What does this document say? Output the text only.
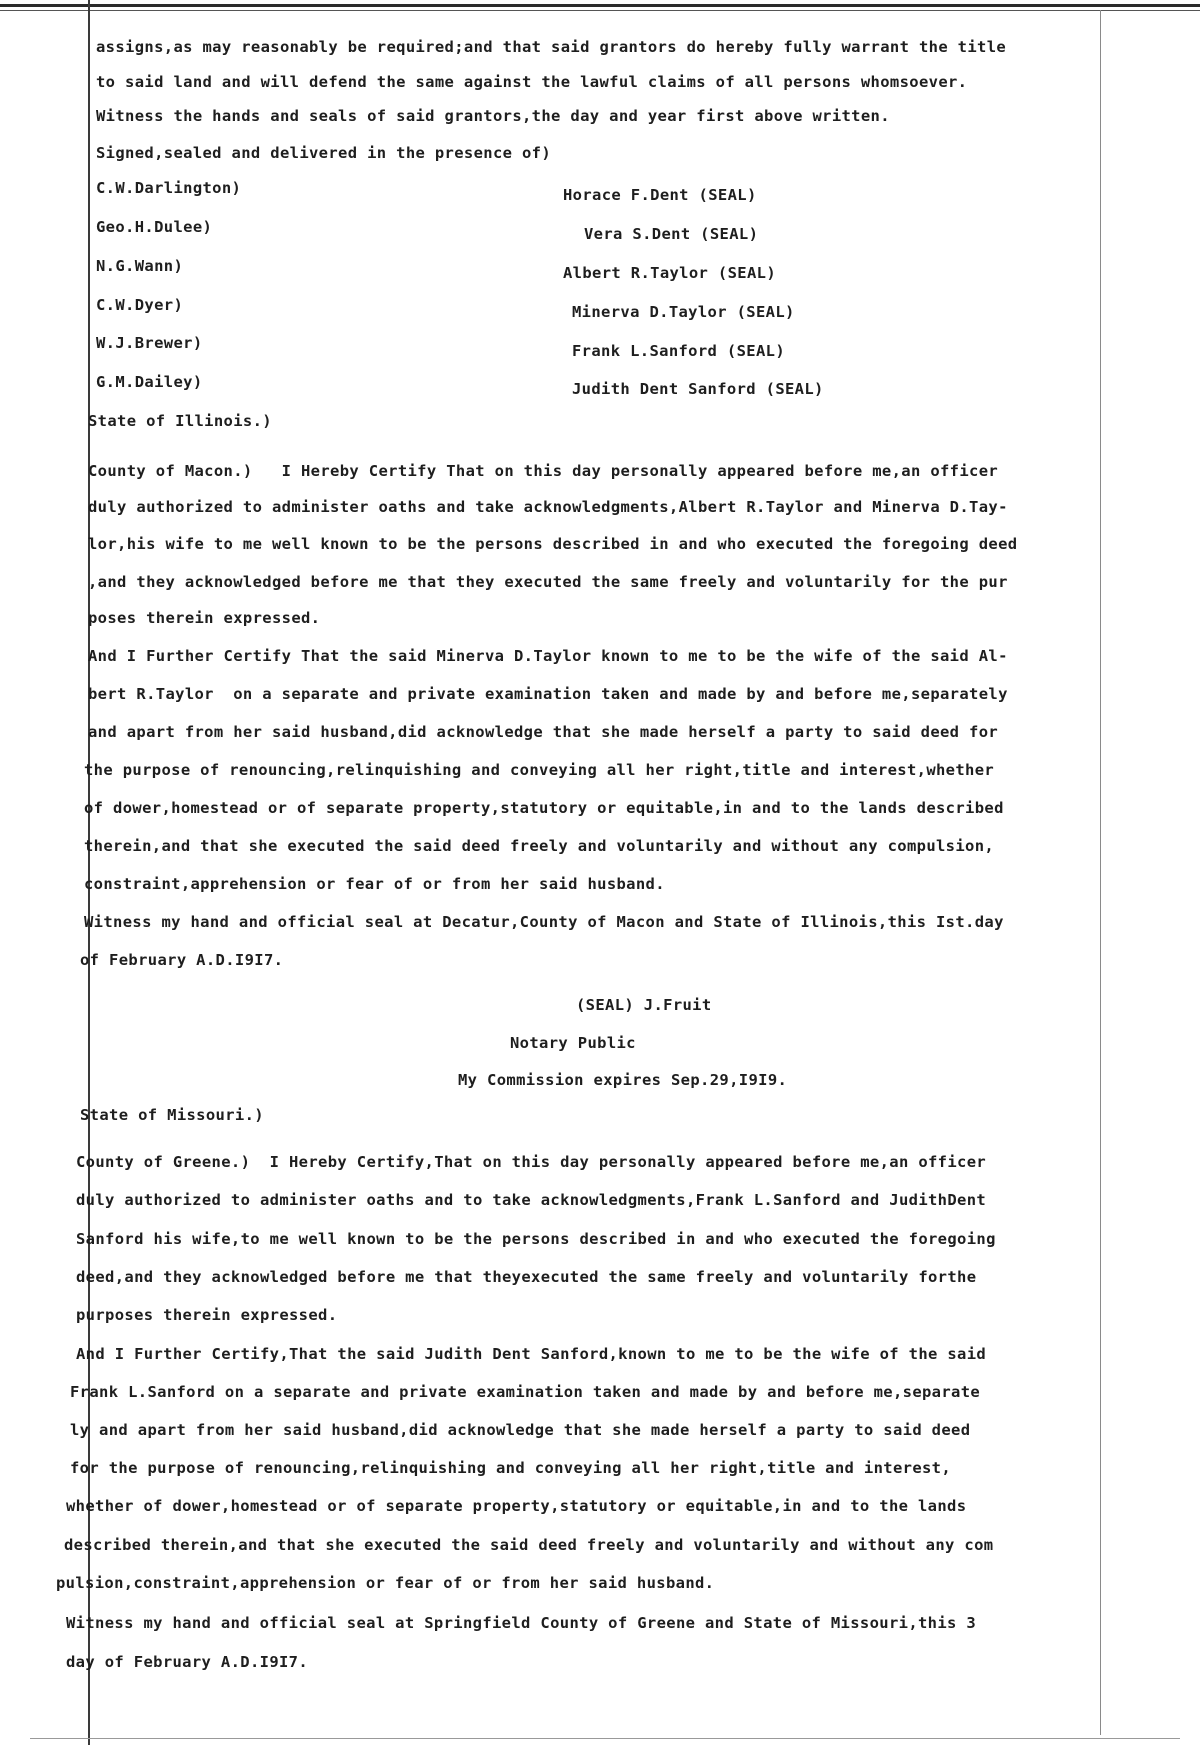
assigns,as may reasonably be required;and that said grantors do hereby fully warrant the title
to said land and will defend the same against the lawful claims of all persons whomsoever.
Witness the hands and seals of said grantors,the day and year first above written.
Signed,sealed and delivered in the presence of)
C.W.Darlington)
Geo.H.Dulee)
N.G.Wann)
C.W.Dyer)
W.J.Brewer)
G.M.Dailey)
Horace F.Dent (SEAL)
Vera S.Dent (SEAL)
Albert R.Taylor (SEAL)
Minerva D.Taylor (SEAL)
Frank L.Sanford (SEAL)
Judith Dent Sanford (SEAL)
State of Illinois.)
County of Macon.)   I Hereby Certify That on this day personally appeared before me,an officer
duly authorized to administer oaths and take acknowledgments,Albert R.Taylor and Minerva D.Tay-
lor,his wife to me well known to be the persons described in and who executed the foregoing deed
,and they acknowledged before me that they executed the same freely and voluntarily for the pur
poses therein expressed.
And I Further Certify That the said Minerva D.Taylor known to me to be the wife of the said Al-
bert R.Taylor  on a separate and private examination taken and made by and before me,separately
and apart from her said husband,did acknowledge that she made herself a party to said deed for
the purpose of renouncing,relinquishing and conveying all her right,title and interest,whether
of dower,homestead or of separate property,statutory or equitable,in and to the lands described
therein,and that she executed the said deed freely and voluntarily and without any compulsion,
constraint,apprehension or fear of or from her said husband.
Witness my hand and official seal at Decatur,County of Macon and State of Illinois,this Ist.day
of February A.D.I9I7.
(SEAL) J.Fruit
Notary Public
My Commission expires Sep.29,I9I9.
State of Missouri.)
County of Greene.)  I Hereby Certify,That on this day personally appeared before me,an officer
duly authorized to administer oaths and to take acknowledgments,Frank L.Sanford and JudithDent
Sanford his wife,to me well known to be the persons described in and who executed the foregoing
deed,and they acknowledged before me that theyexecuted the same freely and voluntarily forthe
purposes therein expressed.
And I Further Certify,That the said Judith Dent Sanford,known to me to be the wife of the said
Frank L.Sanford on a separate and private examination taken and made by and before me,separate
ly and apart from her said husband,did acknowledge that she made herself a party to said deed
for the purpose of renouncing,relinquishing and conveying all her right,title and interest,
whether of dower,homestead or of separate property,statutory or equitable,in and to the lands
described therein,and that she executed the said deed freely and voluntarily and without any com
pulsion,constraint,apprehension or fear of or from her said husband.
Witness my hand and official seal at Springfield County of Greene and State of Missouri,this 3
day of February A.D.I9I7.
